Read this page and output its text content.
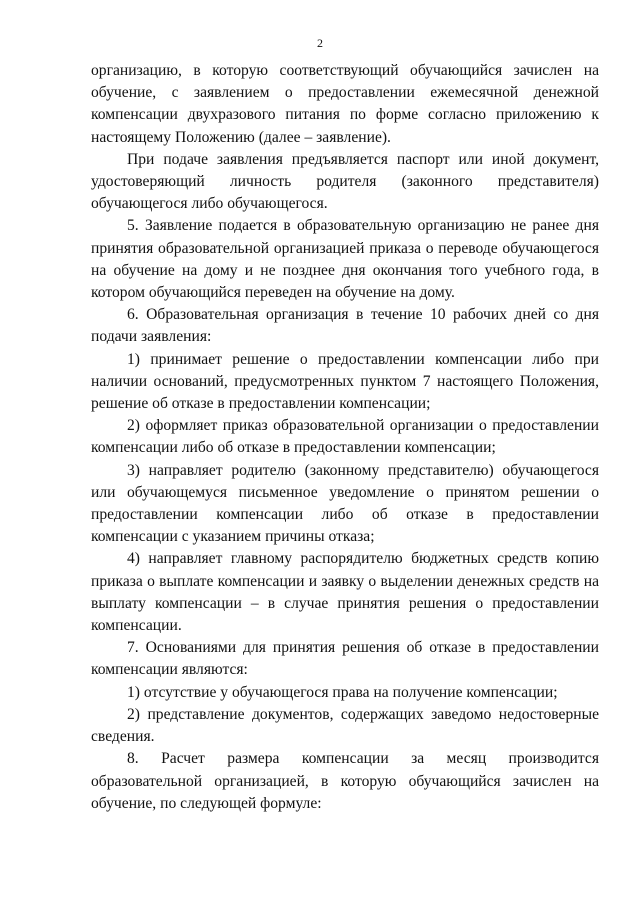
2

организацию, в которую соответствующий обучающийся зачислен на обучение, с заявлением о предоставлении ежемесячной денежной компенсации двухразового питания по форме согласно приложению к настоящему Положению (далее – заявление).

При подаче заявления предъявляется паспорт или иной документ, удостоверяющий личность родителя (законного представителя) обучающегося либо обучающегося.

5. Заявление подается в образовательную организацию не ранее дня принятия образовательной организацией приказа о переводе обучающегося на обучение на дому и не позднее дня окончания того учебного года, в котором обучающийся переведен на обучение на дому.

6. Образовательная организация в течение 10 рабочих дней со дня подачи заявления:

1) принимает решение о предоставлении компенсации либо при наличии оснований, предусмотренных пунктом 7 настоящего Положения, решение об отказе в предоставлении компенсации;

2) оформляет приказ образовательной организации о предоставлении компенсации либо об отказе в предоставлении компенсации;

3) направляет родителю (законному представителю) обучающегося или обучающемуся письменное уведомление о принятом решении о предоставлении компенсации либо об отказе в предоставлении компенсации с указанием причины отказа;

4) направляет главному распорядителю бюджетных средств копию приказа о выплате компенсации и заявку о выделении денежных средств на выплату компенсации – в случае принятия решения о предоставлении компенсации.

7. Основаниями для принятия решения об отказе в предоставлении компенсации являются:

1) отсутствие у обучающегося права на получение компенсации;

2) представление документов, содержащих заведомо недостоверные сведения.

8. Расчет размера компенсации за месяц производится образовательной организацией, в которую обучающийся зачислен на обучение, по следующей формуле:
